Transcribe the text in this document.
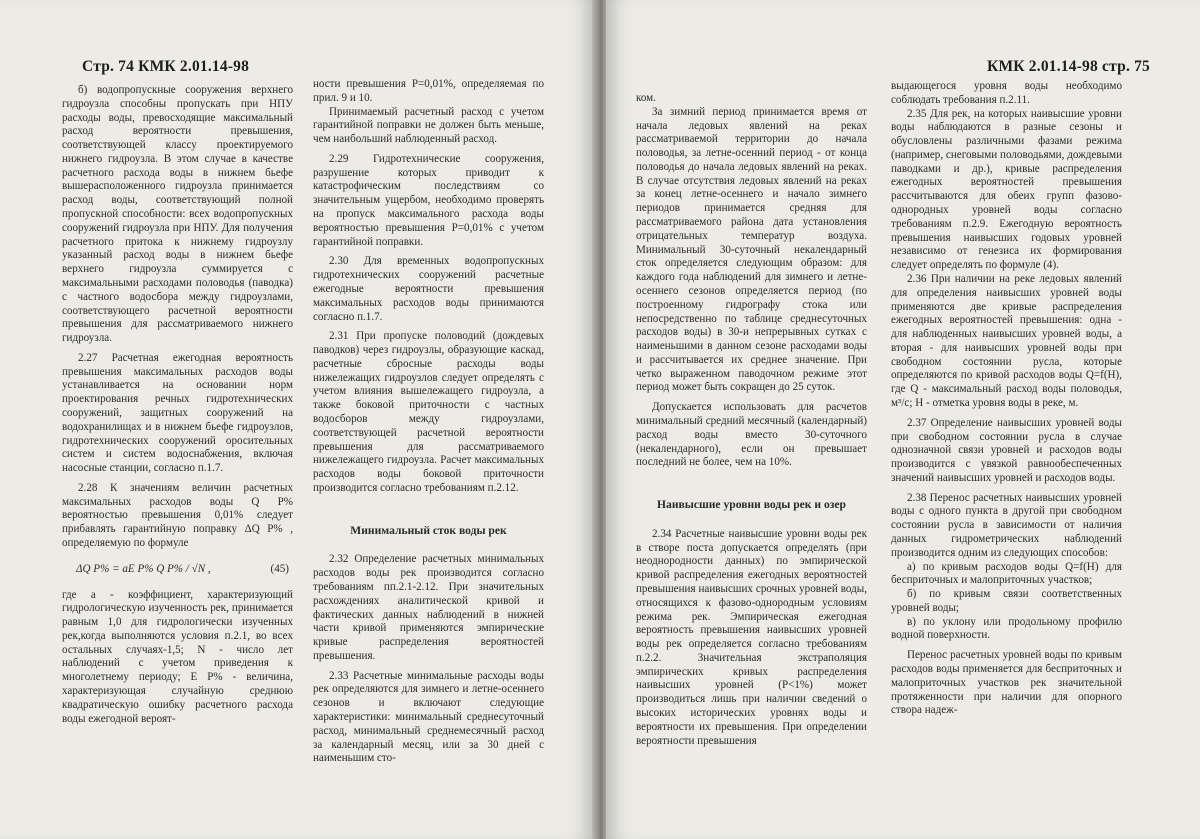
Стр. 74 КМК 2.01.14-98

б) водопропускные сооружения верхнего гидроузла способны пропускать при НПУ расходы воды, превосходящие максимальный расход вероятности превышения, соответствующей классу проектируемого нижнего гидроузла. В этом случае в качестве расчетного расхода воды в нижнем бьефе вышерасположенного гидроузла принимается расход воды, соответствующий полной пропускной способности: всех водопропускных сооружений гидроузла при НПУ. Для получения расчетного притока к нижнему гидроузлу указанный расход воды в нижнем бьефе верхнего гидроузла суммируется с максимальными расходами половодья (паводка) с частного водосбора между гидроузлами, соответствующего расчетной вероятности превышения для рассматриваемого нижнего гидроузла.

2.27 Расчетная ежегодная вероятность превышения максимальных расходов воды устанавливается на основании норм проектирования речных гидротехнических сооружений, защитных сооружений на водохранилищах и в нижнем бьефе гидроузлов, гидротехнических сооружений оросительных систем и систем водоснабжения, включая насосные станции, согласно п.1.7.

2.28 К значениям величин расчетных максимальных расходов воды Q P% вероятностью превышения 0,01% следует прибавлять гарантийную поправку ΔQ P% , определяемую по формуле

ΔQ P% = aE P% Q P% / √N ,	(45)

где a - коэффициент, характеризующий гидрологическую изученность рек, принимается равным 1,0 для гидрологически изученных рек,когда выполняются условия п.2.1, во всех остальных случаях-1,5; N - число лет наблюдений с учетом приведения к многолетнему периоду; E P% - величина, характеризующая случайную среднюю квадратическую ошибку расчетного расхода воды ежегодной вероят-

ности превышения P=0,01%, определяемая по прил. 9 и 10.

Принимаемый расчетный расход с учетом гарантийной поправки не должен быть меньше, чем наибольший наблюденный расход.

2.29 Гидротехнические сооружения, разрушение которых приводит к катастрофическим последствиям со значительным ущербом, необходимо проверять на пропуск максимального расхода воды вероятностью превышения P=0,01% с учетом гарантийной поправки.

2.30 Для временных водопропускных гидротехнических сооружений расчетные ежегодные вероятности превышения максимальных расходов воды принимаются согласно п.1.7.

2.31 При пропуске половодий (дождевых паводков) через гидроузлы, образующие каскад, расчетные сбросные расходы воды нижележащих гидроузлов следует определять с учетом влияния вышележащего гидроузла, а также боковой приточности с частных водосборов между гидроузлами, соответствующей расчетной вероятности превышения для рассматриваемого нижележащего гидроузла. Расчет максимальных расходов воды боковой приточности производится согласно требованиям п.2.12.

Минимальный сток воды рек

2.32 Определение расчетных минимальных расходов воды рек производится согласно требованиям пп.2.1-2.12. При значительных расхождениях аналитической кривой и фактических данных наблюдений в нижней части кривой применяются эмпирические кривые распределения вероятностей превышения.

2.33 Расчетные минимальные расходы воды рек определяются для зимнего и летне-осеннего сезонов и включают следующие характеристики: минимальный среднесуточный расход, минимальный среднемесячный расход за календарный месяц, или за 30 дней с наименьшим сто-

КМК 2.01.14-98 стр. 75

ком.

За зимний период принимается время от начала ледовых явлений на реках рассматриваемой территории до начала половодья, за летне-осенний период - от конца половодья до начала ледовых явлений на реках. В случае отсутствия ледовых явлений на реках за конец летне-осеннего и начало зимнего периодов принимается средняя для рассматриваемого района дата установления отрицательных температур воздуха. Минимальный 30-суточный некалендарный сток определяется следующим образом: для каждого года наблюдений для зимнего и летне-осеннего сезонов определяется период (по построенному гидрографу стока или непосредственно по таблице среднесуточных расходов воды) в 30-и непрерывных сутках с наименьшими в данном сезоне расходами воды и рассчитывается их среднее значение. При четко выраженном паводочном режиме этот период может быть сокращен до 25 суток.

Допускается использовать для расчетов минимальный средний месячный (календарный) расход воды вместо 30-суточного (некалендарного), если он превышает последний не более, чем на 10%.

Наивысшие уровни воды рек и озер

2.34 Расчетные наивысшие уровни воды рек в створе поста допускается определять (при неоднородности данных) по эмпирической кривой распределения ежегодных вероятностей превышения наивысших срочных уровней воды, относящихся к фазово-однородным условиям режима рек. Эмпирическая ежегодная вероятность превышения наивысших уровней воды рек определяется согласно требованиям п.2.2. Значительная экстраполяция эмпирических кривых распределения наивысших уровней (P<1%) может производиться лишь при наличии сведений о высоких исторических уровнях воды и вероятности их превышения. При определении вероятности превышения

выдающегося уровня воды необходимо соблюдать требования п.2.11.

2.35 Для рек, на которых наивысшие уровни воды наблюдаются в разные сезоны и обусловлены различными фазами режима (например, снеговыми половодьями, дождевыми паводками и др.), кривые распределения ежегодных вероятностей превышения рассчитываются для обеих групп фазово-однородных уровней воды согласно требованиям п.2.9. Ежегодную вероятность превышения наивысших годовых уровней независимо от генезиса их формирования следует определять по формуле (4).

2.36 При наличии на реке ледовых явлений для определения наивысших уровней воды применяются две кривые распределения ежегодных вероятностей превышения: одна - для наблюденных наивысших уровней воды, а вторая - для наивысших уровней воды при свободном состоянии русла, которые определяются по кривой расходов воды Q=f(H), где Q - максимальный расход воды половодья, м³/с; H - отметка уровня воды в реке, м.

2.37 Определение наивысших уровней воды при свободном состоянии русла в случае однозначной связи уровней и расходов воды производится с увязкой равнообеспеченных значений наивысших уровней и расходов воды.

2.38 Перенос расчетных наивысших уровней воды с одного пункта в другой при свободном состоянии русла в зависимости от наличия данных гидрометрических наблюдений производится одним из следующих способов:

а) по кривым расходов воды Q=f(H) для бесприточных и малоприточных участков;

б) по кривым связи соответственных уровней воды;

в) по уклону или продольному профилю водной поверхности.

Перенос расчетных уровней воды по кривым расходов воды применяется для бесприточных и малоприточных участков рек значительной протяженности при наличии для опорного створа надеж-
